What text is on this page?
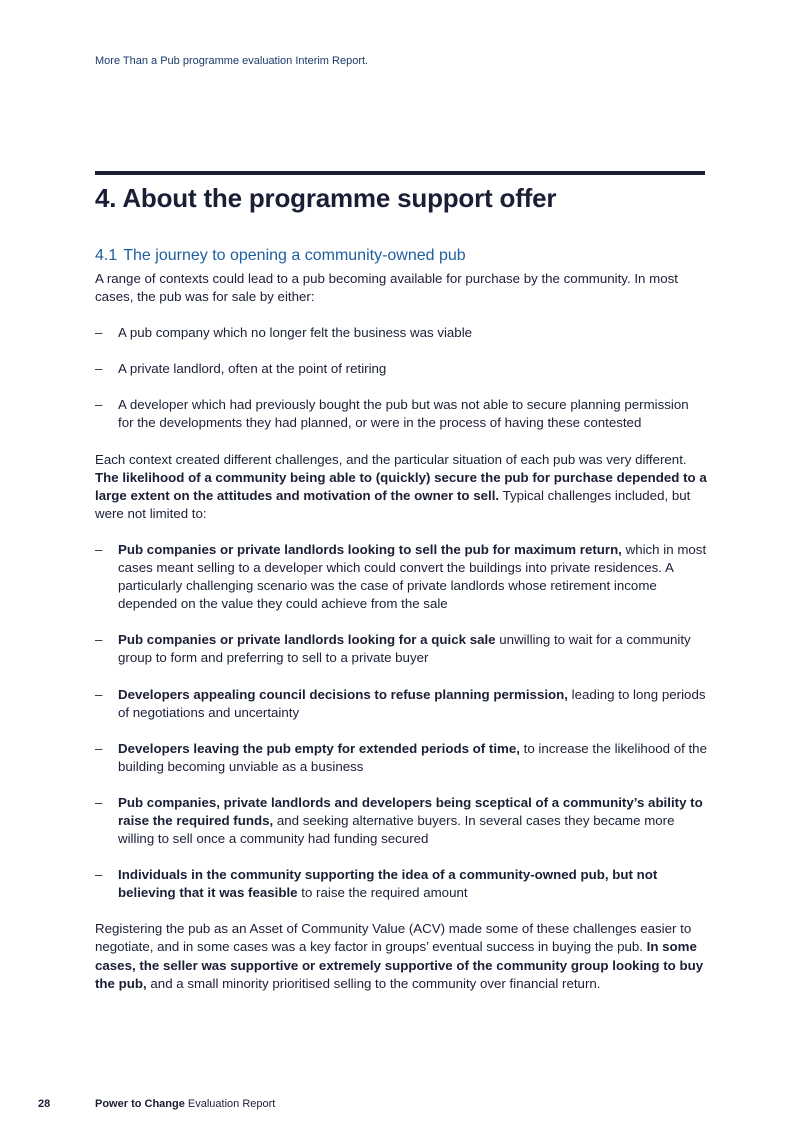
More Than a Pub programme evaluation Interim Report.
4. About the programme support offer
4.1 The journey to opening a community-owned pub

A range of contexts could lead to a pub becoming available for purchase by the community. In most cases, the pub was for sale by either:

– A pub company which no longer felt the business was viable
– A private landlord, often at the point of retiring
– A developer which had previously bought the pub but was not able to secure planning permission for the developments they had planned, or were in the process of having these contested

Each context created different challenges, and the particular situation of each pub was very different. The likelihood of a community being able to (quickly) secure the pub for purchase depended to a large extent on the attitudes and motivation of the owner to sell. Typical challenges included, but were not limited to:

– Pub companies or private landlords looking to sell the pub for maximum return, which in most cases meant selling to a developer which could convert the buildings into private residences. A particularly challenging scenario was the case of private landlords whose retirement income depended on the value they could achieve from the sale
– Pub companies or private landlords looking for a quick sale unwilling to wait for a community group to form and preferring to sell to a private buyer
– Developers appealing council decisions to refuse planning permission, leading to long periods of negotiations and uncertainty
– Developers leaving the pub empty for extended periods of time, to increase the likelihood of the building becoming unviable as a business
– Pub companies, private landlords and developers being sceptical of a community’s ability to raise the required funds, and seeking alternative buyers. In several cases they became more willing to sell once a community had funding secured
– Individuals in the community supporting the idea of a community-owned pub, but not believing that it was feasible to raise the required amount

Registering the pub as an Asset of Community Value (ACV) made some of these challenges easier to negotiate, and in some cases was a key factor in groups’ eventual success in buying the pub. In some cases, the seller was supportive or extremely supportive of the community group looking to buy the pub, and a small minority prioritised selling to the community over financial return.

28	Power to Change Evaluation Report
